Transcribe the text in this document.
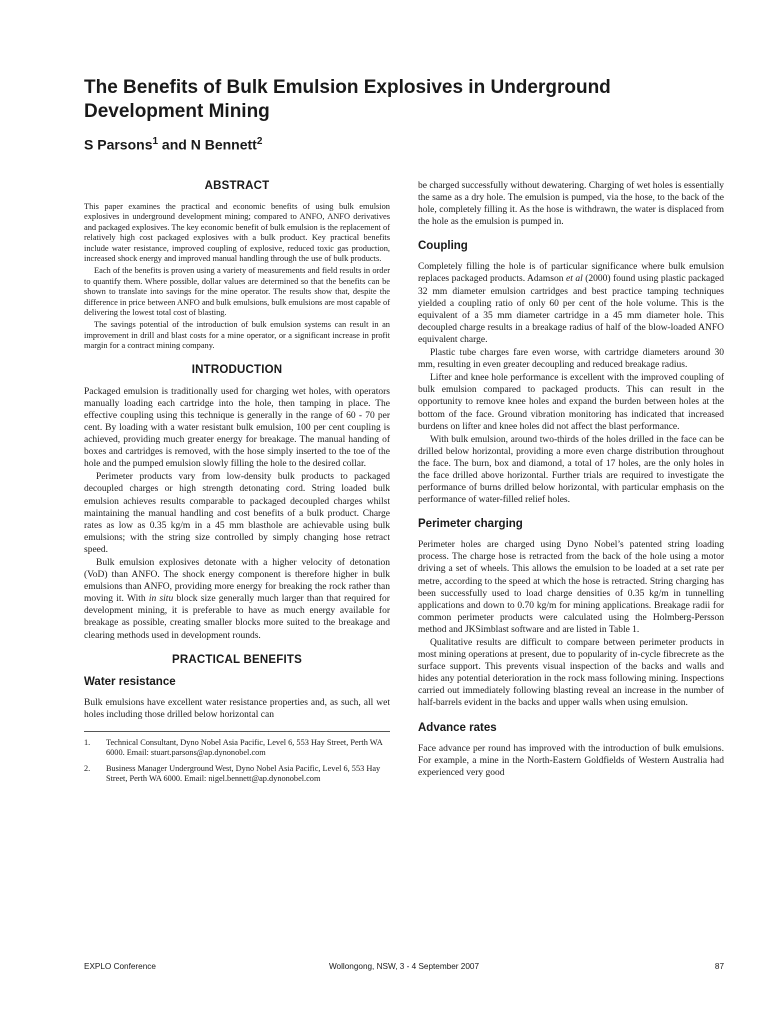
The Benefits of Bulk Emulsion Explosives in Underground Development Mining
S Parsons$^1$ and N Bennett$^2$
ABSTRACT

This paper examines the practical and economic benefits of using bulk emulsion explosives in underground development mining; compared to ANFO, ANFO derivatives and packaged explosives. The key economic benefit of bulk emulsion is the replacement of relatively high cost packaged explosives with a bulk product. Key practical benefits include water resistance, improved coupling of explosive, reduced toxic gas production, increased shock energy and improved manual handling through the use of bulk products.

Each of the benefits is proven using a variety of measurements and field results in order to quantify them. Where possible, dollar values are determined so that the benefits can be shown to translate into savings for the mine operator. The results show that, despite the difference in price between ANFO and bulk emulsions, bulk emulsions are most capable of delivering the lowest total cost of blasting.

The savings potential of the introduction of bulk emulsion systems can result in an improvement in drill and blast costs for a mine operator, or a significant increase in profit margin for a contract mining company.

INTRODUCTION

Packaged emulsion is traditionally used for charging wet holes, with operators manually loading each cartridge into the hole, then tamping in place. The effective coupling using this technique is generally in the range of 60 - 70 per cent. By loading with a water resistant bulk emulsion, 100 per cent coupling is achieved, providing much greater energy for breakage. The manual handing of boxes and cartridges is removed, with the hose simply inserted to the toe of the hole and the pumped emulsion slowly filling the hole to the desired collar.

Perimeter products vary from low-density bulk products to packaged decoupled charges or high strength detonating cord. String loaded bulk emulsion achieves results comparable to packaged decoupled charges whilst maintaining the manual handling and cost benefits of a bulk product. Charge rates as low as 0.35 kg/m in a 45 mm blasthole are achievable using bulk emulsions; with the string size controlled by simply changing hose retract speed.

Bulk emulsion explosives detonate with a higher velocity of detonation (VoD) than ANFO. The shock energy component is therefore higher in bulk emulsions than ANFO, providing more energy for breaking the rock rather than moving it. With in situ block size generally much larger than that required for development mining, it is preferable to have as much energy available for breakage as possible, creating smaller blocks more suited to the breakage and clearing methods used in development rounds.

PRACTICAL BENEFITS
Water resistance

Bulk emulsions have excellent water resistance properties and, as such, all wet holes including those drilled below horizontal can

1.	Technical Consultant, Dyno Nobel Asia Pacific, Level 6, 553 Hay Street, Perth WA 6000. Email: stuart.parsons@ap.dynonobel.com
2.	Business Manager Underground West, Dyno Nobel Asia Pacific, Level 6, 553 Hay Street, Perth WA 6000. Email: nigel.bennett@ap.dynonobel.com

be charged successfully without dewatering. Charging of wet holes is essentially the same as a dry hole. The emulsion is pumped, via the hose, to the back of the hole, completely filling it. As the hose is withdrawn, the water is displaced from the hole as the emulsion is pumped in.

Coupling

Completely filling the hole is of particular significance where bulk emulsion replaces packaged products. Adamson et al (2000) found using plastic packaged 32 mm diameter emulsion cartridges and best practice tamping techniques yielded a coupling ratio of only 60 per cent of the hole volume. This is the equivalent of a 35 mm diameter cartridge in a 45 mm diameter hole. This decoupled charge results in a breakage radius of half of the blow-loaded ANFO equivalent charge.

Plastic tube charges fare even worse, with cartridge diameters around 30 mm, resulting in even greater decoupling and reduced breakage radius.

Lifter and knee hole performance is excellent with the improved coupling of bulk emulsion compared to packaged products. This can result in the opportunity to remove knee holes and expand the burden between holes at the bottom of the face. Ground vibration monitoring has indicated that increased burdens on lifter and knee holes did not affect the blast performance.

With bulk emulsion, around two-thirds of the holes drilled in the face can be drilled below horizontal, providing a more even charge distribution throughout the face. The burn, box and diamond, a total of 17 holes, are the only holes in the face drilled above horizontal. Further trials are required to investigate the performance of burns drilled below horizontal, with particular emphasis on the performance of water-filled relief holes.

Perimeter charging

Perimeter holes are charged using Dyno Nobel’s patented string loading process. The charge hose is retracted from the back of the hole using a motor driving a set of wheels. This allows the emulsion to be loaded at a set rate per metre, according to the speed at which the hose is retracted. String charging has been successfully used to load charge densities of 0.35 kg/m in tunnelling applications and down to 0.70 kg/m for mining applications. Breakage radii for common perimeter products were calculated using the Holmberg-Persson method and JKSimblast software and are listed in Table 1.

Qualitative results are difficult to compare between perimeter products in most mining operations at present, due to popularity of in-cycle fibrecrete as the surface support. This prevents visual inspection of the backs and walls and hides any potential deterioration in the rock mass following mining. Inspections carried out immediately following blasting reveal an increase in the number of half-barrels evident in the backs and upper walls when using emulsion.

Advance rates

Face advance per round has improved with the introduction of bulk emulsions. For example, a mine in the North-Eastern Goldfields of Western Australia had experienced very good

EXPLO Conference	Wollongong, NSW, 3 - 4 September 2007	87
